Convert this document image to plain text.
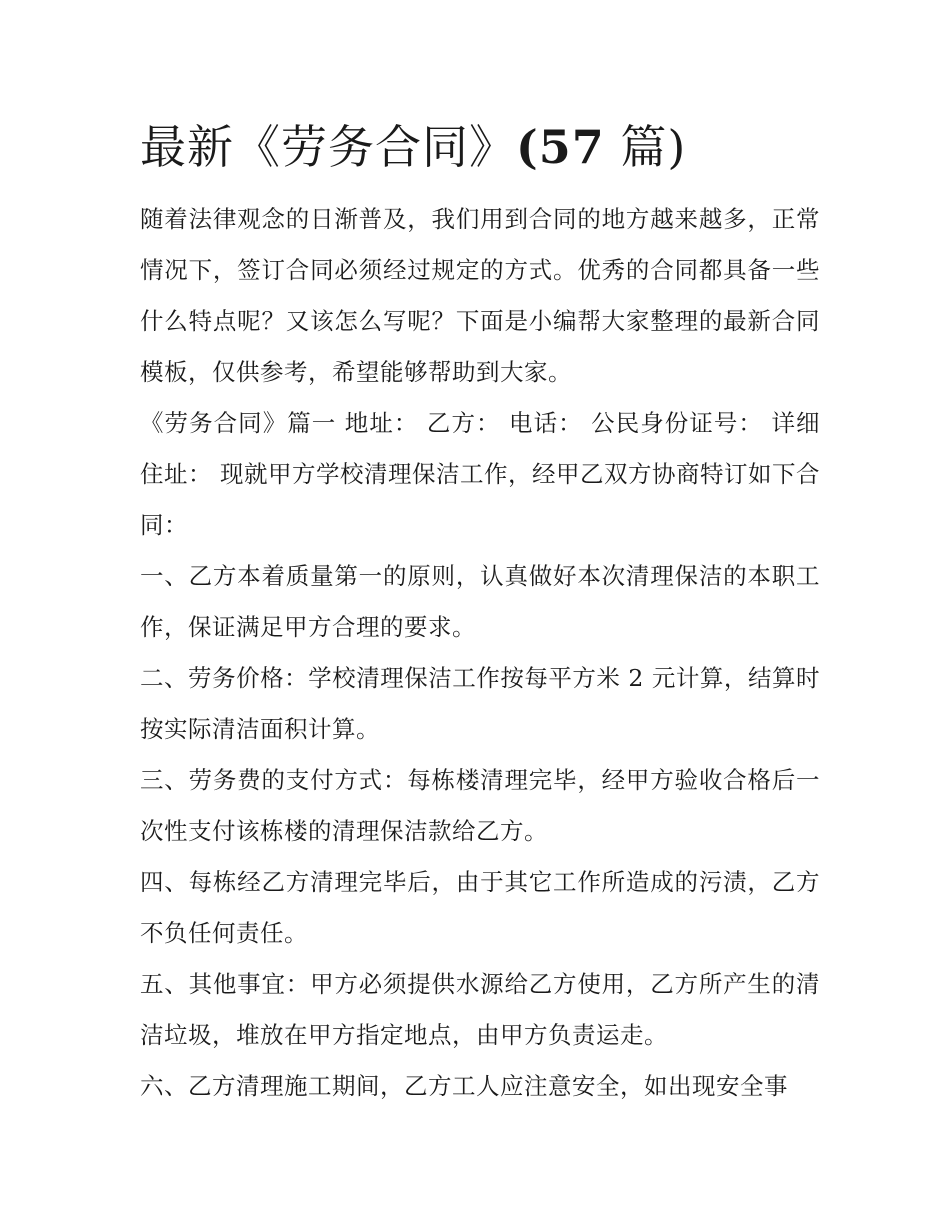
最新《劳务合同》(57 篇)

随着法律观念的日渐普及，我们用到合同的地方越来越多，正常情况下，签订合同必须经过规定的方式。优秀的合同都具备一些什么特点呢？又该怎么写呢？下面是小编帮大家整理的最新合同模板，仅供参考，希望能够帮助到大家。

《劳务合同》篇一 地址： 乙方： 电话： 公民身份证号： 详细住址： 现就甲方学校清理保洁工作，经甲乙双方协商特订如下合同：

一、乙方本着质量第一的原则，认真做好本次清理保洁的本职工作，保证满足甲方合理的要求。

二、劳务价格：学校清理保洁工作按每平方米 2 元计算，结算时按实际清洁面积计算。

三、劳务费的支付方式：每栋楼清理完毕，经甲方验收合格后一次性支付该栋楼的清理保洁款给乙方。

四、每栋经乙方清理完毕后，由于其它工作所造成的污渍，乙方不负任何责任。

五、其他事宜：甲方必须提供水源给乙方使用，乙方所产生的清洁垃圾，堆放在甲方指定地点，由甲方负责运走。

六、乙方清理施工期间，乙方工人应注意安全，如出现安全事
